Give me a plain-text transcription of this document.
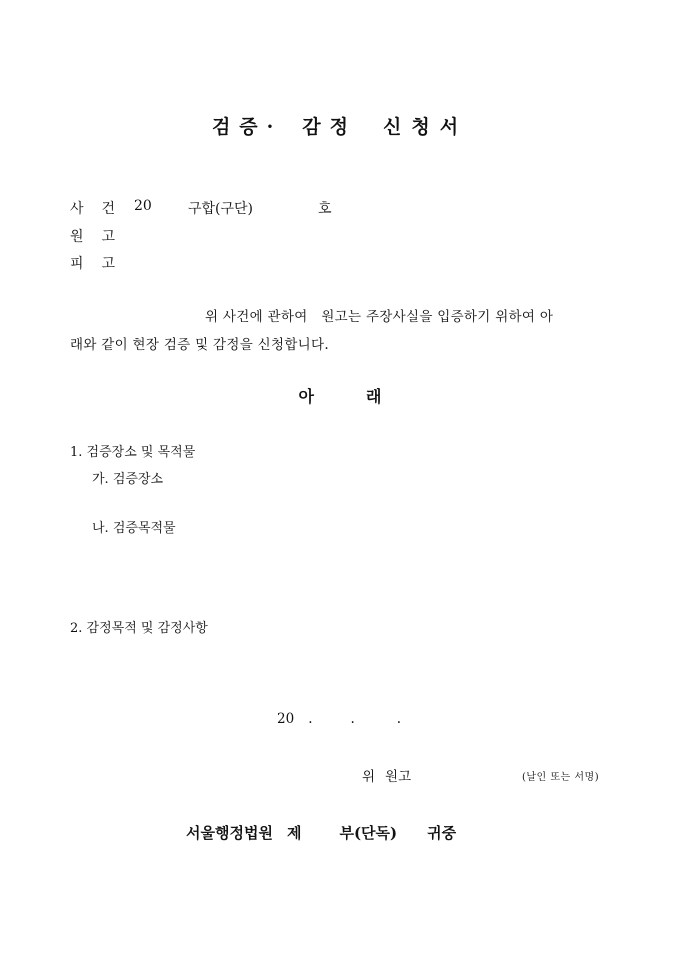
검증· 감정 신청서
사건 20	구합(구단)	호
원고
피고
위 사건에 관하여   원고는 주장사실을 입증하기 위하여 아
래와 같이 현장 검증 및 감정을 신청합니다.
아	래
1. 검증장소 및 목적물
가. 검증장소
나. 검증목적물
2. 감정목적 및 감정사항
20 .	.	.
위 원고	(날인 또는 서명)
서울행정법원 제	부(단독) 귀중
